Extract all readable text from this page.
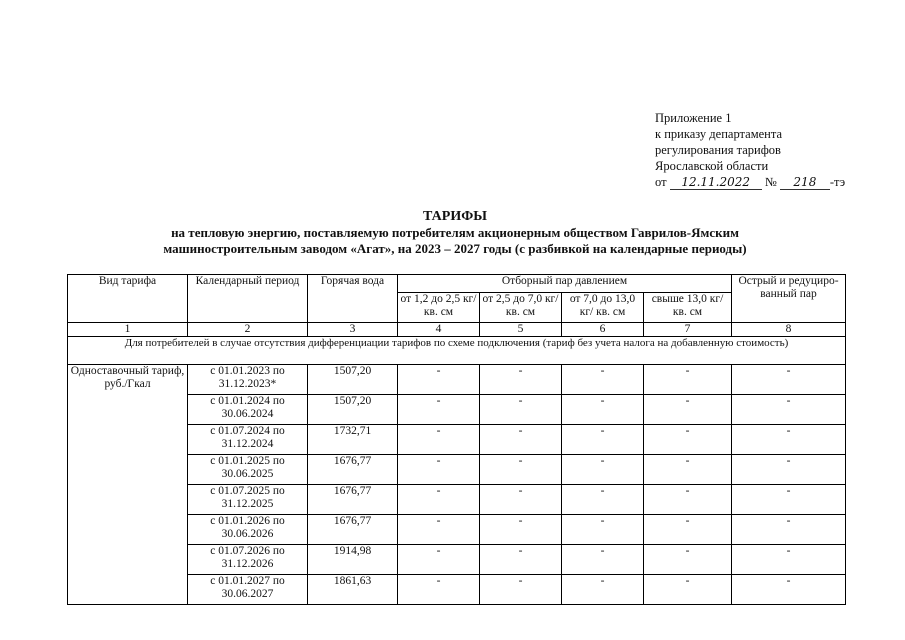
Приложение 1
к приказу департамента
регулирования тарифов
Ярославской области
от 12.11.2022 № 218 -тэ
ТАРИФЫ
на тепловую энергию, поставляемую потребителям акционерным обществом Гаврилов-Ямским
машиностроительным заводом «Агат», на 2023 – 2027 годы (с разбивкой на календарные периоды)
Вид тарифа	Календарный период	Горячая вода	Отборный пар давлением				Острый и редуциро-ванный пар
			от 1,2 до 2,5 кг/ кв. см	от 2,5 до 7,0 кг/ кв. см	от 7,0 до 13,0 кг/ кв. см	свыше 13,0 кг/ кв. см	
1	2	3	4	5	6	7	8
Для потребителей в случае отсутствия дифференциации тарифов по схеме подключения (тариф без учета налога на добавленную стоимость)							
Одноставочный тариф, руб./Гкал	с 01.01.2023 по 31.12.2023*	1507,20	-	-	-	-	-
	с 01.01.2024 по 30.06.2024	1507,20	-	-	-	-	-
	с 01.07.2024 по 31.12.2024	1732,71	-	-	-	-	-
	с 01.01.2025 по 30.06.2025	1676,77	-	-	-	-	-
	с 01.07.2025 по 31.12.2025	1676,77	-	-	-	-	-
	с 01.01.2026 по 30.06.2026	1676,77	-	-	-	-	-
	с 01.07.2026 по 31.12.2026	1914,98	-	-	-	-	-
	с 01.01.2027 по 30.06.2027	1861,63	-	-	-	-	-
